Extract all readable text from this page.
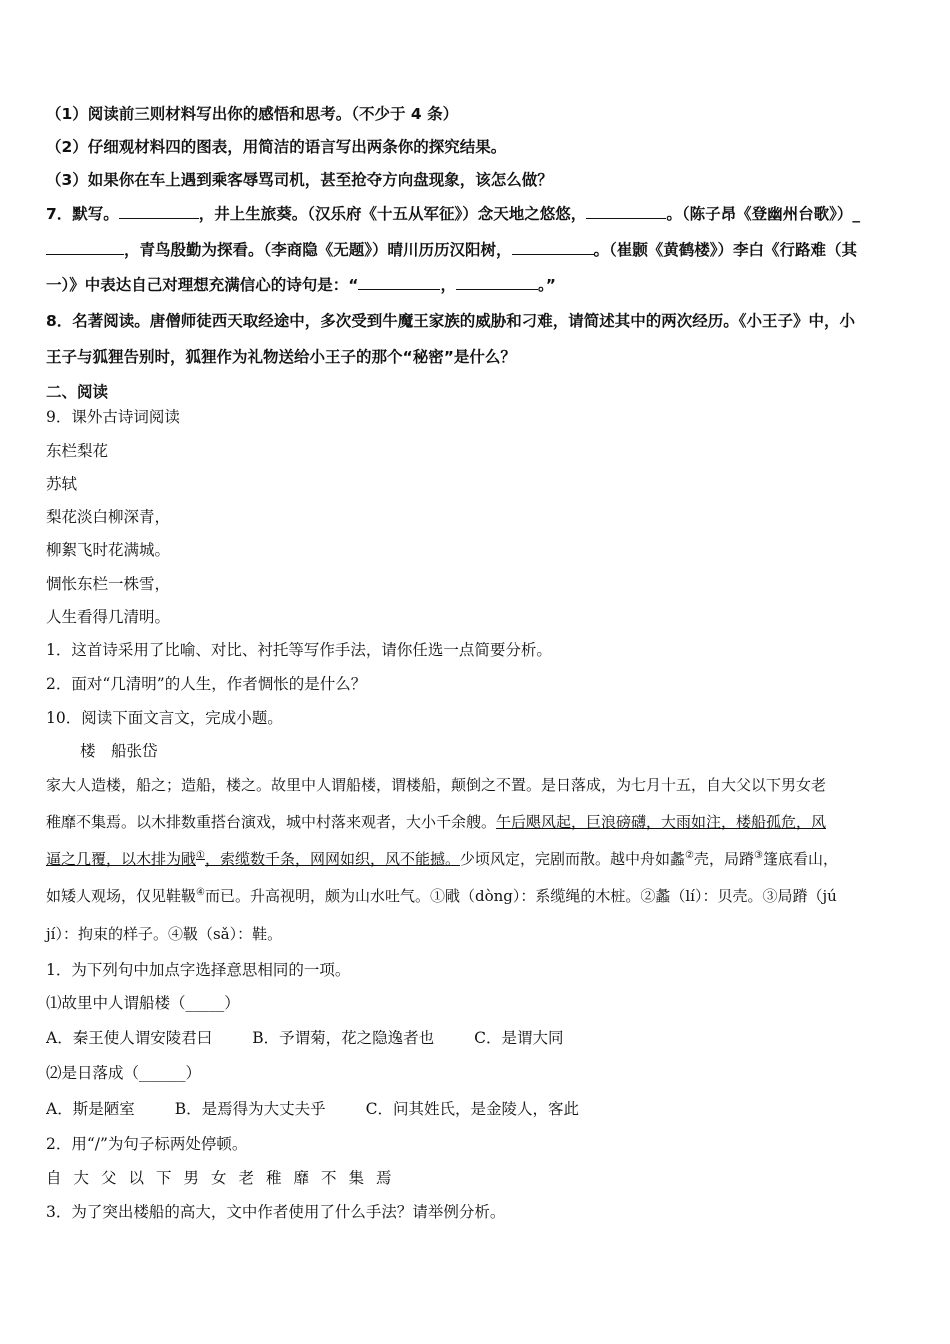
（1）阅读前三则材料写出你的感悟和思考。（不少于 4 条）
（2）仔细观材料四的图表，用简洁的语言写出两条你的探究结果。
（3）如果你在车上遇到乘客辱骂司机，甚至抢夺方向盘现象，该怎么做？
7．默写。	，井上生旅葵。（汉乐府《十五从军征》）念天地之悠悠，	。（陈子昂《登幽州台歌》）_
，青鸟殷勤为探看。（李商隐《无题》）晴川历历汉阳树，	。（崔颢《黄鹤楼》）李白《行路难（其
一）》中表达自己对理想充满信心的诗句是：“	，	。”
8．名著阅读。唐僧师徒西天取经途中，多次受到牛魔王家族的威胁和刁难，请简述其中的两次经历。《小王子》中，小
王子与狐狸告别时，狐狸作为礼物送给小王子的那个“秘密”是什么？
二、阅读
9．课外古诗词阅读
东栏梨花
苏轼
梨花淡白柳深青，
柳絮飞时花满城。
惆怅东栏一株雪，
人生看得几清明。
1．这首诗采用了比喻、对比、衬托等写作手法，请你任选一点简要分析。
2．面对“几清明”的人生，作者惆怅的是什么？
10．阅读下面文言文，完成小题。
楼　船张岱
家大人造楼，船之；造船，楼之。故里中人谓船楼，谓楼船，颠倒之不置。是日落成，为七月十五，自大父以下男女老
稚靡不集焉。以木排数重搭台演戏，城中村落来观者，大小千余艘。午后飓风起，巨浪磅礴，大雨如注，楼船孤危，风
逼之几覆，以木排为戙①，索缆数千条，网网如织，风不能撼。少顷风定，完剧而散。越中舟如蠡②壳，局蹐③篷底看山，
如矮人观场，仅见鞋靸④而已。升高视明，颇为山水吐气。①戙（dòng）：系缆绳的木桩。②蠡（lí）：贝壳。③局蹐（jú
jí）：拘束的样子。④靸（sǎ）：鞋。
1．为下列句中加点字选择意思相同的一项。
⑴故里中人谓船楼（_____）
A．秦王使人谓安陵君曰	B．予谓菊，花之隐逸者也	C．是谓大同
⑵是日落成（______）
A．斯是陋室	B．是焉得为大丈夫乎	C．问其姓氏，是金陵人，客此
2．用“/”为句子标两处停顿。
自大父以下男女老稚靡不集焉
3．为了突出楼船的高大，文中作者使用了什么手法？请举例分析。
